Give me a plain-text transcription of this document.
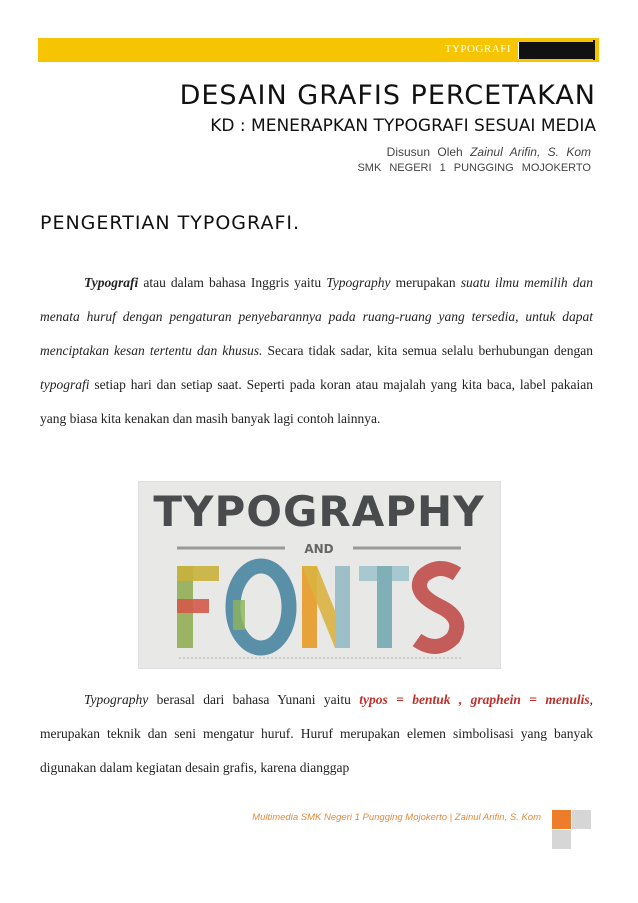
TYPOGRAFI
DESAIN GRAFIS PERCETAKAN
KD : MENERAPKAN TYPOGRAFI SESUAI MEDIA
Disusun Oleh Zainul Arifin, S. Kom
SMK NEGERI 1 PUNGGING MOJOKERTO
PENGERTIAN TYPOGRAFI.
Typografi atau dalam bahasa Inggris yaitu Typography merupakan suatu ilmu memilih dan menata huruf dengan pengaturan penyebarannya pada ruang-ruang yang tersedia, untuk dapat menciptakan kesan tertentu dan khusus. Secara tidak sadar, kita semua selalu berhubungan dengan typografi setiap hari dan setiap saat. Seperti pada koran atau majalah yang kita baca, label pakaian yang biasa kita kenakan dan masih banyak lagi contoh lainnya.
TYPOGRAPHY
AND
Typography berasal dari bahasa Yunani yaitu typos = bentuk , graphein = menulis, merupakan teknik dan seni mengatur huruf. Huruf merupakan elemen simbolisasi yang banyak digunakan dalam kegiatan desain grafis, karena dianggap
Multimedia SMK Negeri 1 Pungging Mojokerto | Zainul Arifin, S. Kom
